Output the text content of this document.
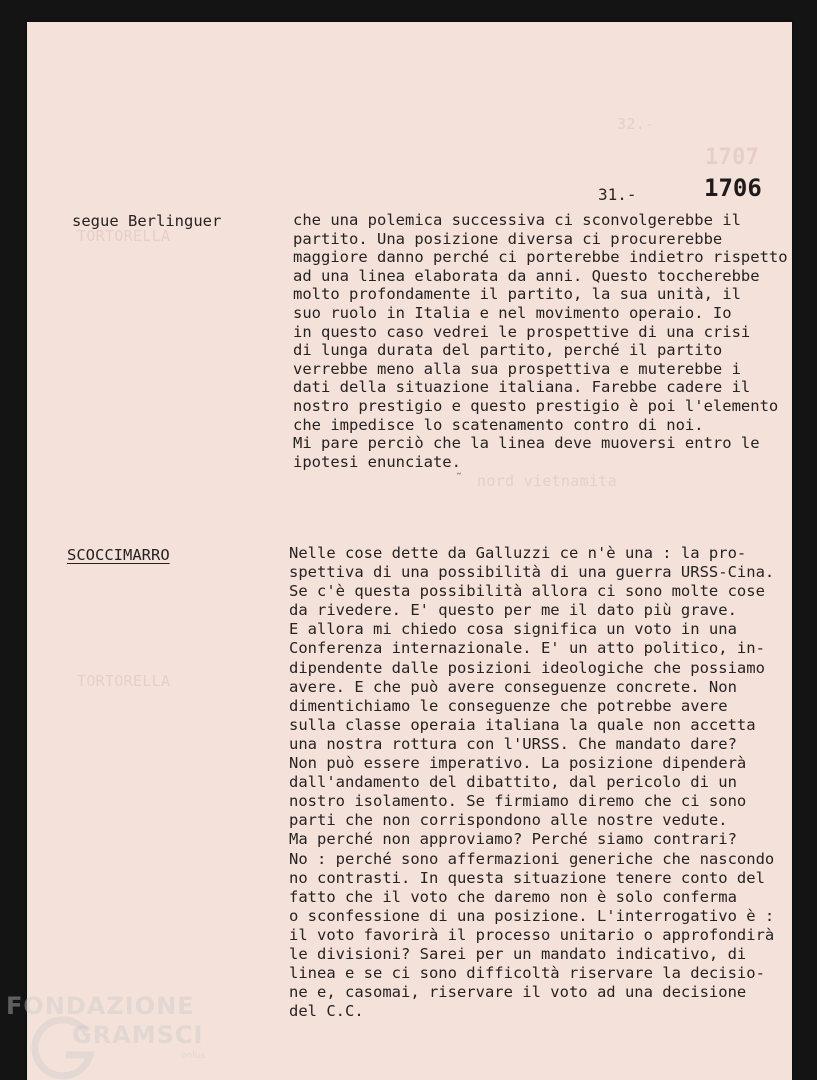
32.-
1707
TORTORELLA
TORTORELLA
nord vietnamita
31.-	1706
segue Berlinguer	che una polemica successiva ci sconvolgerebbe il
partito. Una posizione diversa ci procurerebbe
maggiore danno perché ci porterebbe indietro rispetto
ad una linea elaborata da anni. Questo toccherebbe
molto profondamente il partito, la sua unità, il
suo ruolo in Italia e nel movimento operaio. Io
in questo caso vedrei le prospettive di una crisi
di lunga durata del partito, perché il partito
verrebbe meno alla sua prospettiva e muterebbe i
dati della situazione italiana. Farebbe cadere il
nostro prestigio e questo prestigio è poi l'elemento
che impedisce lo scatenamento contro di noi.
Mi pare perciò che la linea deve muoversi entro le
ipotesi enunciate.
SCOCCIMARRO	Nelle cose dette da Galluzzi ce n'è una : la pro-
spettiva di una possibilità di una guerra URSS-Cina.
Se c'è questa possibilità allora ci sono molte cose
da rivedere. E' questo per me il dato più grave.
E allora mi chiedo cosa significa un voto in una
Conferenza internazionale. E' un atto politico, in-
dipendente dalle posizioni ideologiche che possiamo
avere. E che può avere conseguenze concrete. Non
dimentichiamo le conseguenze che potrebbe avere
sulla classe operaia italiana la quale non accetta
una nostra rottura con l'URSS. Che mandato dare?
Non può essere imperativo. La posizione dipenderà
dall'andamento del dibattito, dal pericolo di un
nostro isolamento. Se firmiamo diremo che ci sono
parti che non corrispondono alle nostre vedute.
Ma perché non approviamo? Perché siamo contrari?
No : perché sono affermazioni generiche che nascondo
no contrasti. In questa situazione tenere conto del
fatto che il voto che daremo non è solo conferma
o sconfessione di una posizione. L'interrogativo è :
il voto favorirà il processo unitario o approfondirà
le divisioni? Sarei per un mandato indicativo, di
linea e se ci sono difficoltà riservare la decisio-
ne e, casomai, riservare il voto ad una decisione
del C.C.
FONDAZIONE
GRAMSCI
onlus
